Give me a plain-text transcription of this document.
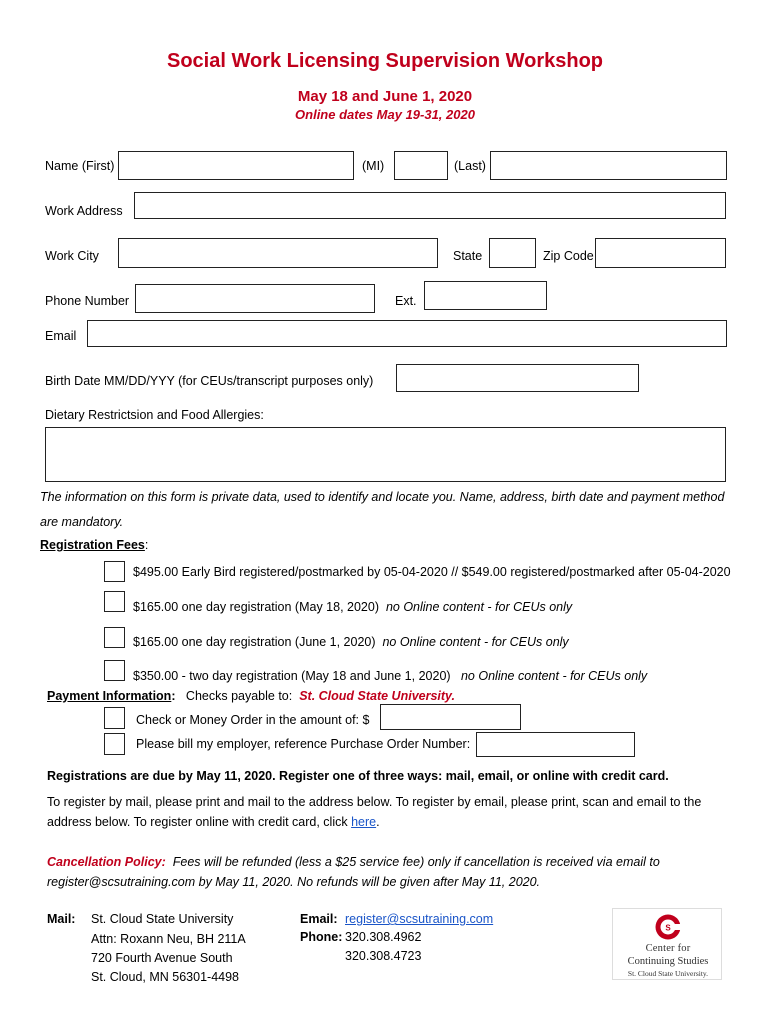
Social Work Licensing Supervision Workshop
May 18 and June 1, 2020
Online dates May 19-31, 2020
Name (First)	(MI)	(Last)
Work Address
Work City	State	Zip Code
Phone Number	Ext.
Email
Birth Date MM/DD/YYY (for CEUs/transcript purposes only)
Dietary Restrictsion and Food Allergies:
The information on this form is private data, used to identify and locate you. Name, address, birth date and payment method
are mandatory.
Registration Fees:
$495.00 Early Bird registered/postmarked by 05-04-2020 // $549.00 registered/postmarked after 05-04-2020
$165.00 one day registration (May 18, 2020) no Online content - for CEUs only
$165.00 one day registration (June 1, 2020) no Online content - for CEUs only
$350.00 - two day registration (May 18 and June 1, 2020) no Online content - for CEUs only
Payment Information: Checks payable to: St. Cloud State University.
Check or Money Order in the amount of: $
Please bill my employer, reference Purchase Order Number:
Registrations are due by May 11, 2020. Register one of three ways: mail, email, or online with credit card.
To register by mail, please print and mail to the address below. To register by email, please print, scan and email to the
address below. To register online with credit card, click here.
Cancellation Policy: Fees will be refunded (less a $25 service fee) only if cancellation is received via email to
register@scsutraining.com by May 11, 2020. No refunds will be given after May 11, 2020.
Mail: St. Cloud State University
Attn: Roxann Neu, BH 211A
720 Fourth Avenue South
St. Cloud, MN 56301-4498
Email: register@scsutraining.com
Phone: 320.308.4962
320.308.4723
S
Center for
Continuing Studies
St. Cloud State University.
